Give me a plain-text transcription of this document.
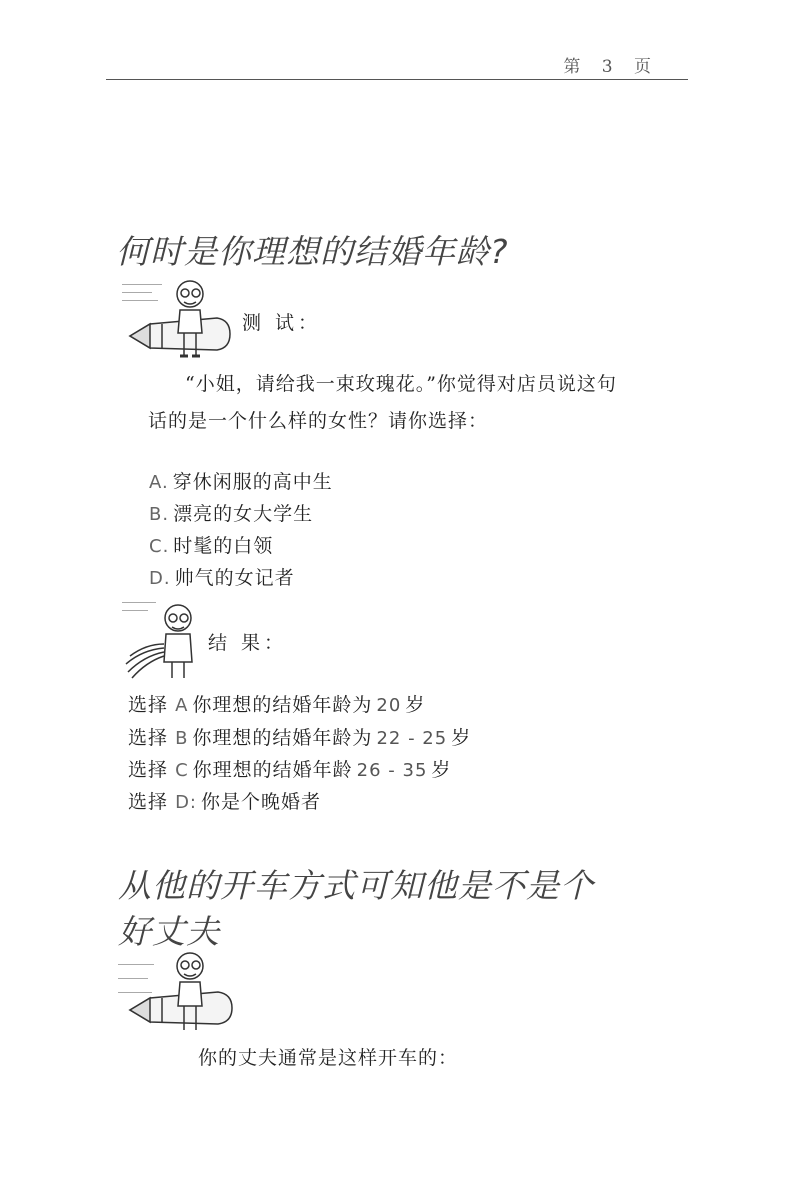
第 3 页
何时是你理想的结婚年龄?
测 试：
“小姐，请给我一束玫瑰花。”你觉得对店员说这句
话的是一个什么样的女性？请你选择：
A. 穿休闲服的高中生
B. 漂亮的女大学生
C. 时髦的白领
D. 帅气的女记者
结 果：
选择 A 你理想的结婚年龄为 20 岁
选择 B 你理想的结婚年龄为 22 - 25 岁
选择 C 你理想的结婚年龄 26 - 35 岁
选择 D: 你是个晚婚者
从他的开车方式可知他是不是个
好丈夫
你的丈夫通常是这样开车的：
